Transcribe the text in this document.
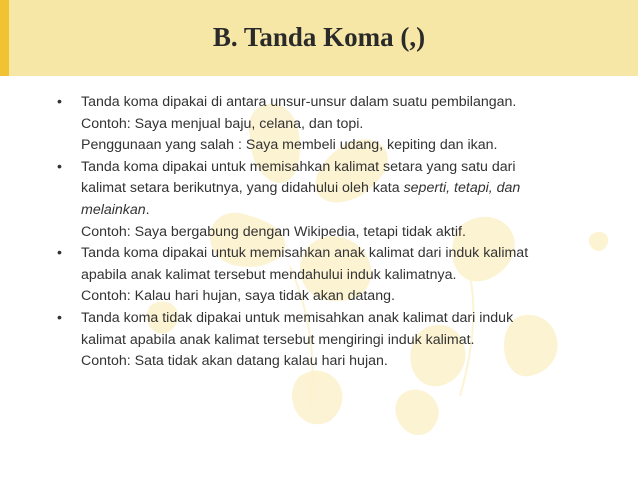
B. Tanda Koma (,)
•	Tanda koma dipakai di antara unsur-unsur dalam suatu pembilangan.
Contoh: Saya menjual baju, celana, dan topi.
Penggunaan yang salah : Saya membeli udang, kepiting dan ikan.
•	Tanda koma dipakai untuk memisahkan kalimat setara yang satu dari
kalimat setara berikutnya, yang didahului oleh kata seperti, tetapi, dan
melainkan.
Contoh: Saya bergabung dengan Wikipedia, tetapi tidak aktif.
•	Tanda koma dipakai untuk memisahkan anak kalimat dari induk kalimat
apabila anak kalimat tersebut mendahului induk kalimatnya.
Contoh: Kalau hari hujan, saya tidak akan datang.
•	Tanda koma tidak dipakai untuk memisahkan anak kalimat dari induk
kalimat apabila anak kalimat tersebut mengiringi induk kalimat.
Contoh: Sata tidak akan datang kalau hari hujan.
